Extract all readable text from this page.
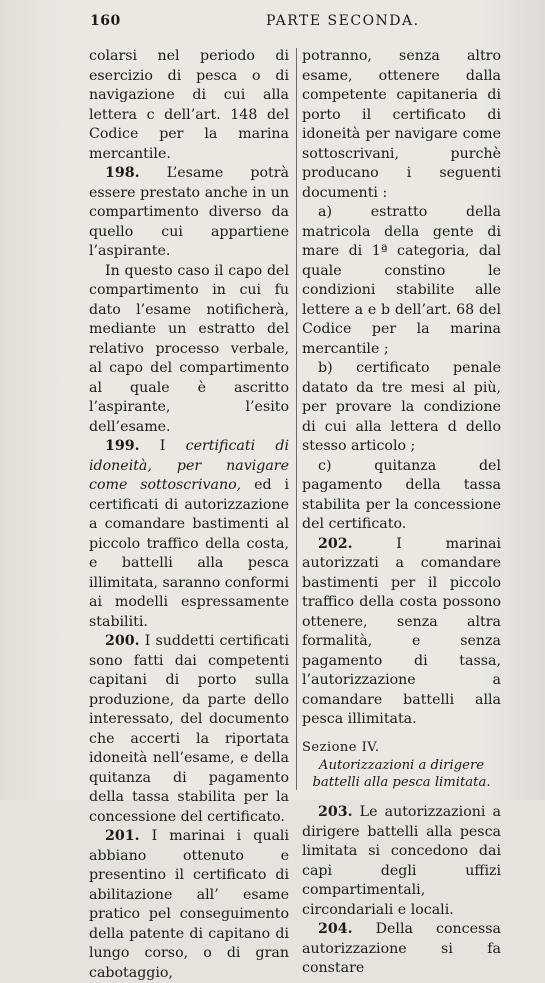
160	PARTE SECONDA.

colarsi nel periodo di esercizio di pesca o di navigazione di cui alla lettera c dell’art. 148 del Codice per la marina mercantile.

198. L’esame potrà essere prestato anche in un compartimento diverso da quello cui appartiene l’aspirante.

In questo caso il capo del compartimento in cui fu dato l’esame notificherà, mediante un estratto del relativo processo verbale, al capo del compartimento al quale è ascritto l’aspirante, l’esito dell’esame.

199. I certificati di idoneità, per navigare come sottoscrivano, ed i certificati di autorizzazione a comandare bastimenti al piccolo traffico della costa, e battelli alla pesca illimitata, saranno conformi ai modelli espressamente stabiliti.

200. I suddetti certificati sono fatti dai competenti capitani di porto sulla produzione, da parte dello interessato, del documento che accerti la riportata idoneità nell’esame, e della quitanza di pagamento della tassa stabilita per la concessione del certificato.

201. I marinai i quali abbiano ottenuto e presentino il certificato di abilitazione all’ esame pratico pel conseguimento della patente di capitano di lungo corso, o di gran cabotaggio,

potranno, senza altro esame, ottenere dalla competente capitaneria di porto il certificato di idoneità per navigare come sottoscrivani, purchè producano i seguenti documenti :

a) estratto della matricola della gente di mare di 1ª categoria, dal quale constino le condizioni stabilite alle lettere a e b dell’art. 68 del Codice per la marina mercantile ;

b) certificato penale datato da tre mesi al più, per provare la condizione di cui alla lettera d dello stesso articolo ;

c) quitanza del pagamento della tassa stabilita per la concessione del certificato.

202. I marinai autorizzati a comandare bastimenti per il piccolo traffico della costa possono ottenere, senza altra formalità, e senza pagamento di tassa, l’autorizzazione a comandare battelli alla pesca illimitata.

Sezione IV.

Autorizzazioni a dirigere battelli alla pesca limitata.

203. Le autorizzazioni a dirigere battelli alla pesca limitata si concedono dai capi degli uffizi compartimentali, circondariali e locali.

204. Della concessa autorizzazione si fa constare
